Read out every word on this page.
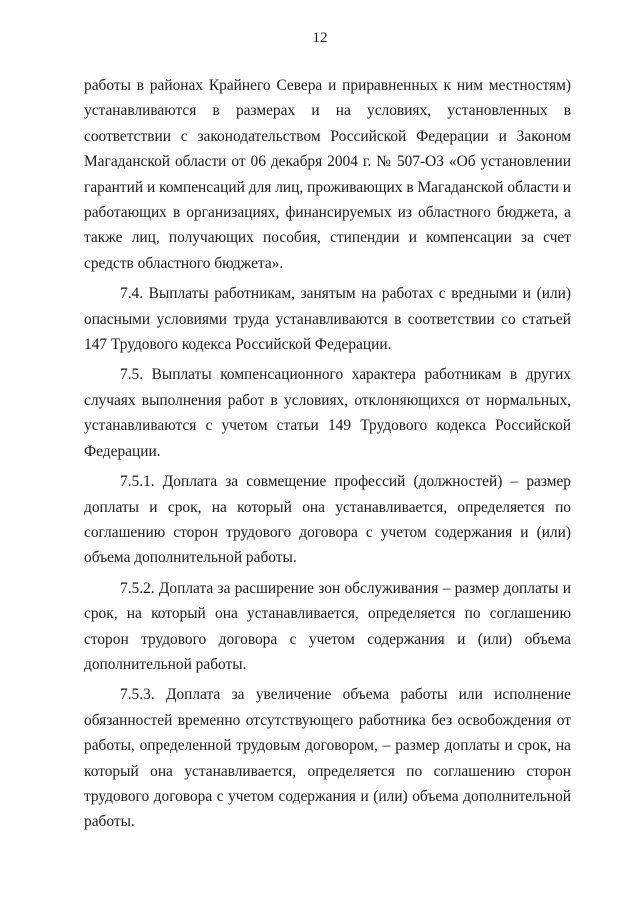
12

работы в районах Крайнего Севера и приравненных к ним местностям) устанавливаются в размерах и на условиях, установленных в соответствии с законодательством Российской Федерации и Законом Магаданской области от 06 декабря 2004 г. № 507-ОЗ «Об установлении гарантий и компенсаций для лиц, проживающих в Магаданской области и работающих в организациях, финансируемых из областного бюджета, а также лиц, получающих пособия, стипендии и компенсации за счет средств областного бюджета».

7.4. Выплаты работникам, занятым на работах с вредными и (или) опасными условиями труда устанавливаются в соответствии со статьей 147 Трудового кодекса Российской Федерации.

7.5. Выплаты компенсационного характера работникам в других случаях выполнения работ в условиях, отклоняющихся от нормальных, устанавливаются с учетом статьи 149 Трудового кодекса Российской Федерации.

7.5.1. Доплата за совмещение профессий (должностей) – размер доплаты и срок, на который она устанавливается, определяется по соглашению сторон трудового договора с учетом содержания и (или) объема дополнительной работы.

7.5.2. Доплата за расширение зон обслуживания – размер доплаты и срок, на который она устанавливается, определяется по соглашению сторон трудового договора с учетом содержания и (или) объема дополнительной работы.

7.5.3. Доплата за увеличение объема работы или исполнение обязанностей временно отсутствующего работника без освобождения от работы, определенной трудовым договором, – размер доплаты и срок, на который она устанавливается, определяется по соглашению сторон трудового договора с учетом содержания и (или) объема дополнительной работы.
